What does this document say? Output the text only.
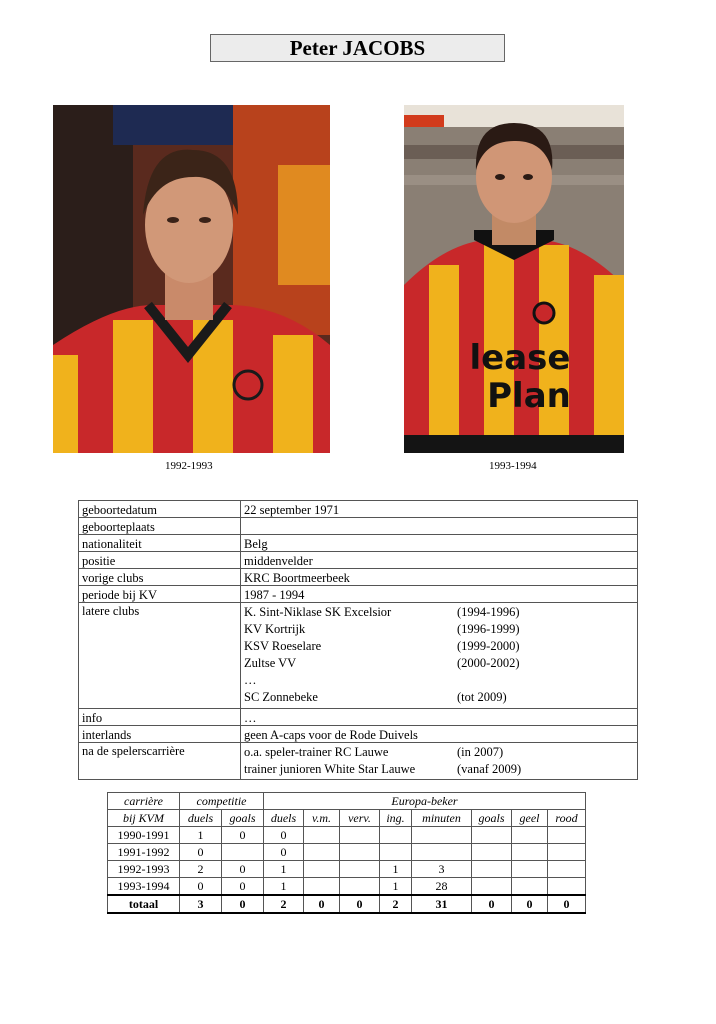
Peter JACOBS
lease
Plan
1992-1993	1993-1994
geboortedatum	22 september 1971
geboorteplaats
nationaliteit	Belg
positie	middenvelder
vorige clubs	KRC Boortmeerbeek
periode bij KV	1987 - 1994
latere clubs	K. Sint-Niklase SK Excelsior	(1994-1996)
KV Kortrijk	(1996-1999)
KSV Roeselare	(1999-2000)
Zultse VV	(2000-2002)
…
SC Zonnebeke	(tot 2009)
info	…
interlands	geen A-caps voor de Rode Duivels
na de spelerscarrière	o.a. speler-trainer RC Lauwe	(in 2007)
trainer junioren White Star Lauwe	(vanaf 2009)
carrière	competitie		Europa-beker							
bij KVM	duels	goals	duels	v.m.	verv.	ing.	minuten	goals	geel	rood
1990-1991	1	0	0							
1991-1992	0		0							
1992-1993	2	0	1			1	3			
1993-1994	0	0	1			1	28			
totaal	3	0	2	0	0	2	31	0	0	0
